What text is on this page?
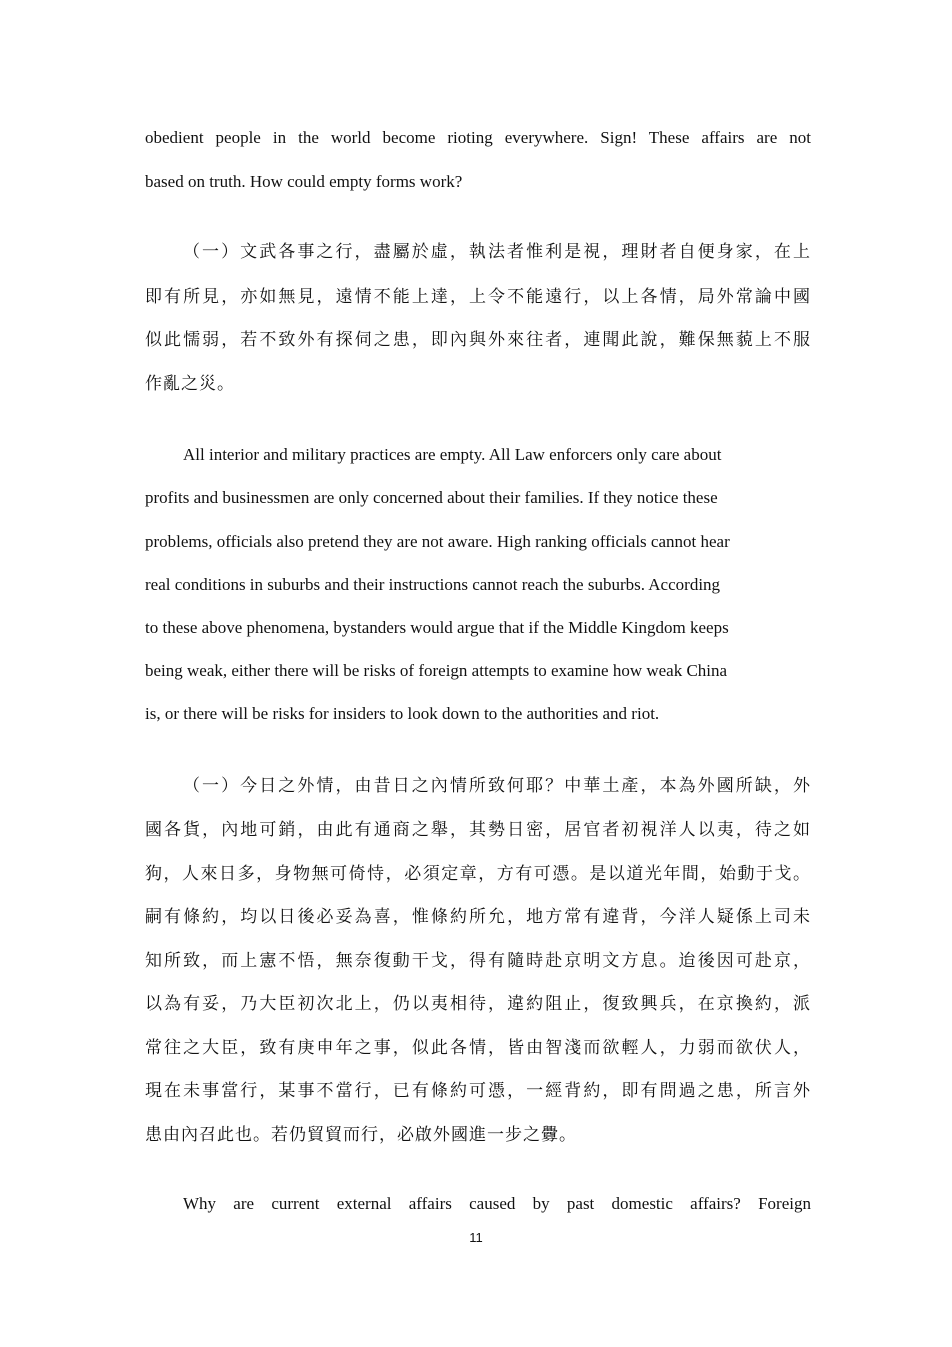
obedient people in the world become rioting everywhere. Sign! These affairs are not

based on truth. How could empty forms work?

（一）文武各事之行，盡屬於虛，執法者惟利是視，理財者自便身家，在上

即有所見，亦如無見，遠情不能上達，上令不能遠行，以上各情，局外常論中國

似此懦弱，若不致外有探伺之患，即內與外來往者，連聞此說，難保無藐上不服

作亂之災。

All interior and military practices are empty. All Law enforcers only care about

profits and businessmen are only concerned about their families. If they notice these

problems, officials also pretend they are not aware. High ranking officials cannot hear

real conditions in suburbs and their instructions cannot reach the suburbs. According

to these above phenomena, bystanders would argue that if the Middle Kingdom keeps

being weak, either there will be risks of foreign attempts to examine how weak China

is, or there will be risks for insiders to look down to the authorities and riot.

（一）今日之外情，由昔日之內情所致何耶？中華土產，本為外國所缺，外

國各貨，內地可銷，由此有通商之舉，其勢日密，居官者初視洋人以夷，待之如

狗，人來日多，身物無可倚恃，必須定章，方有可憑。是以道光年間，始動于戈。

嗣有條約，均以日後必妥為喜，惟條約所允，地方常有違背，今洋人疑係上司未

知所致，而上憲不悟，無奈復動干戈，得有隨時赴京明文方息。迨後因可赴京，

以為有妥，乃大臣初次北上，仍以夷相待，違約阻止，復致興兵，在京換約，派

常往之大臣，致有庚申年之事，似此各情，皆由智淺而欲輕人，力弱而欲伏人，

現在未事當行，某事不當行，已有條約可憑，一經背約，即有問過之患，所言外

患由內召此也。若仍貿貿而行，必啟外國進一步之釁。

Why are current external affairs caused by past domestic affairs? Foreign

11
